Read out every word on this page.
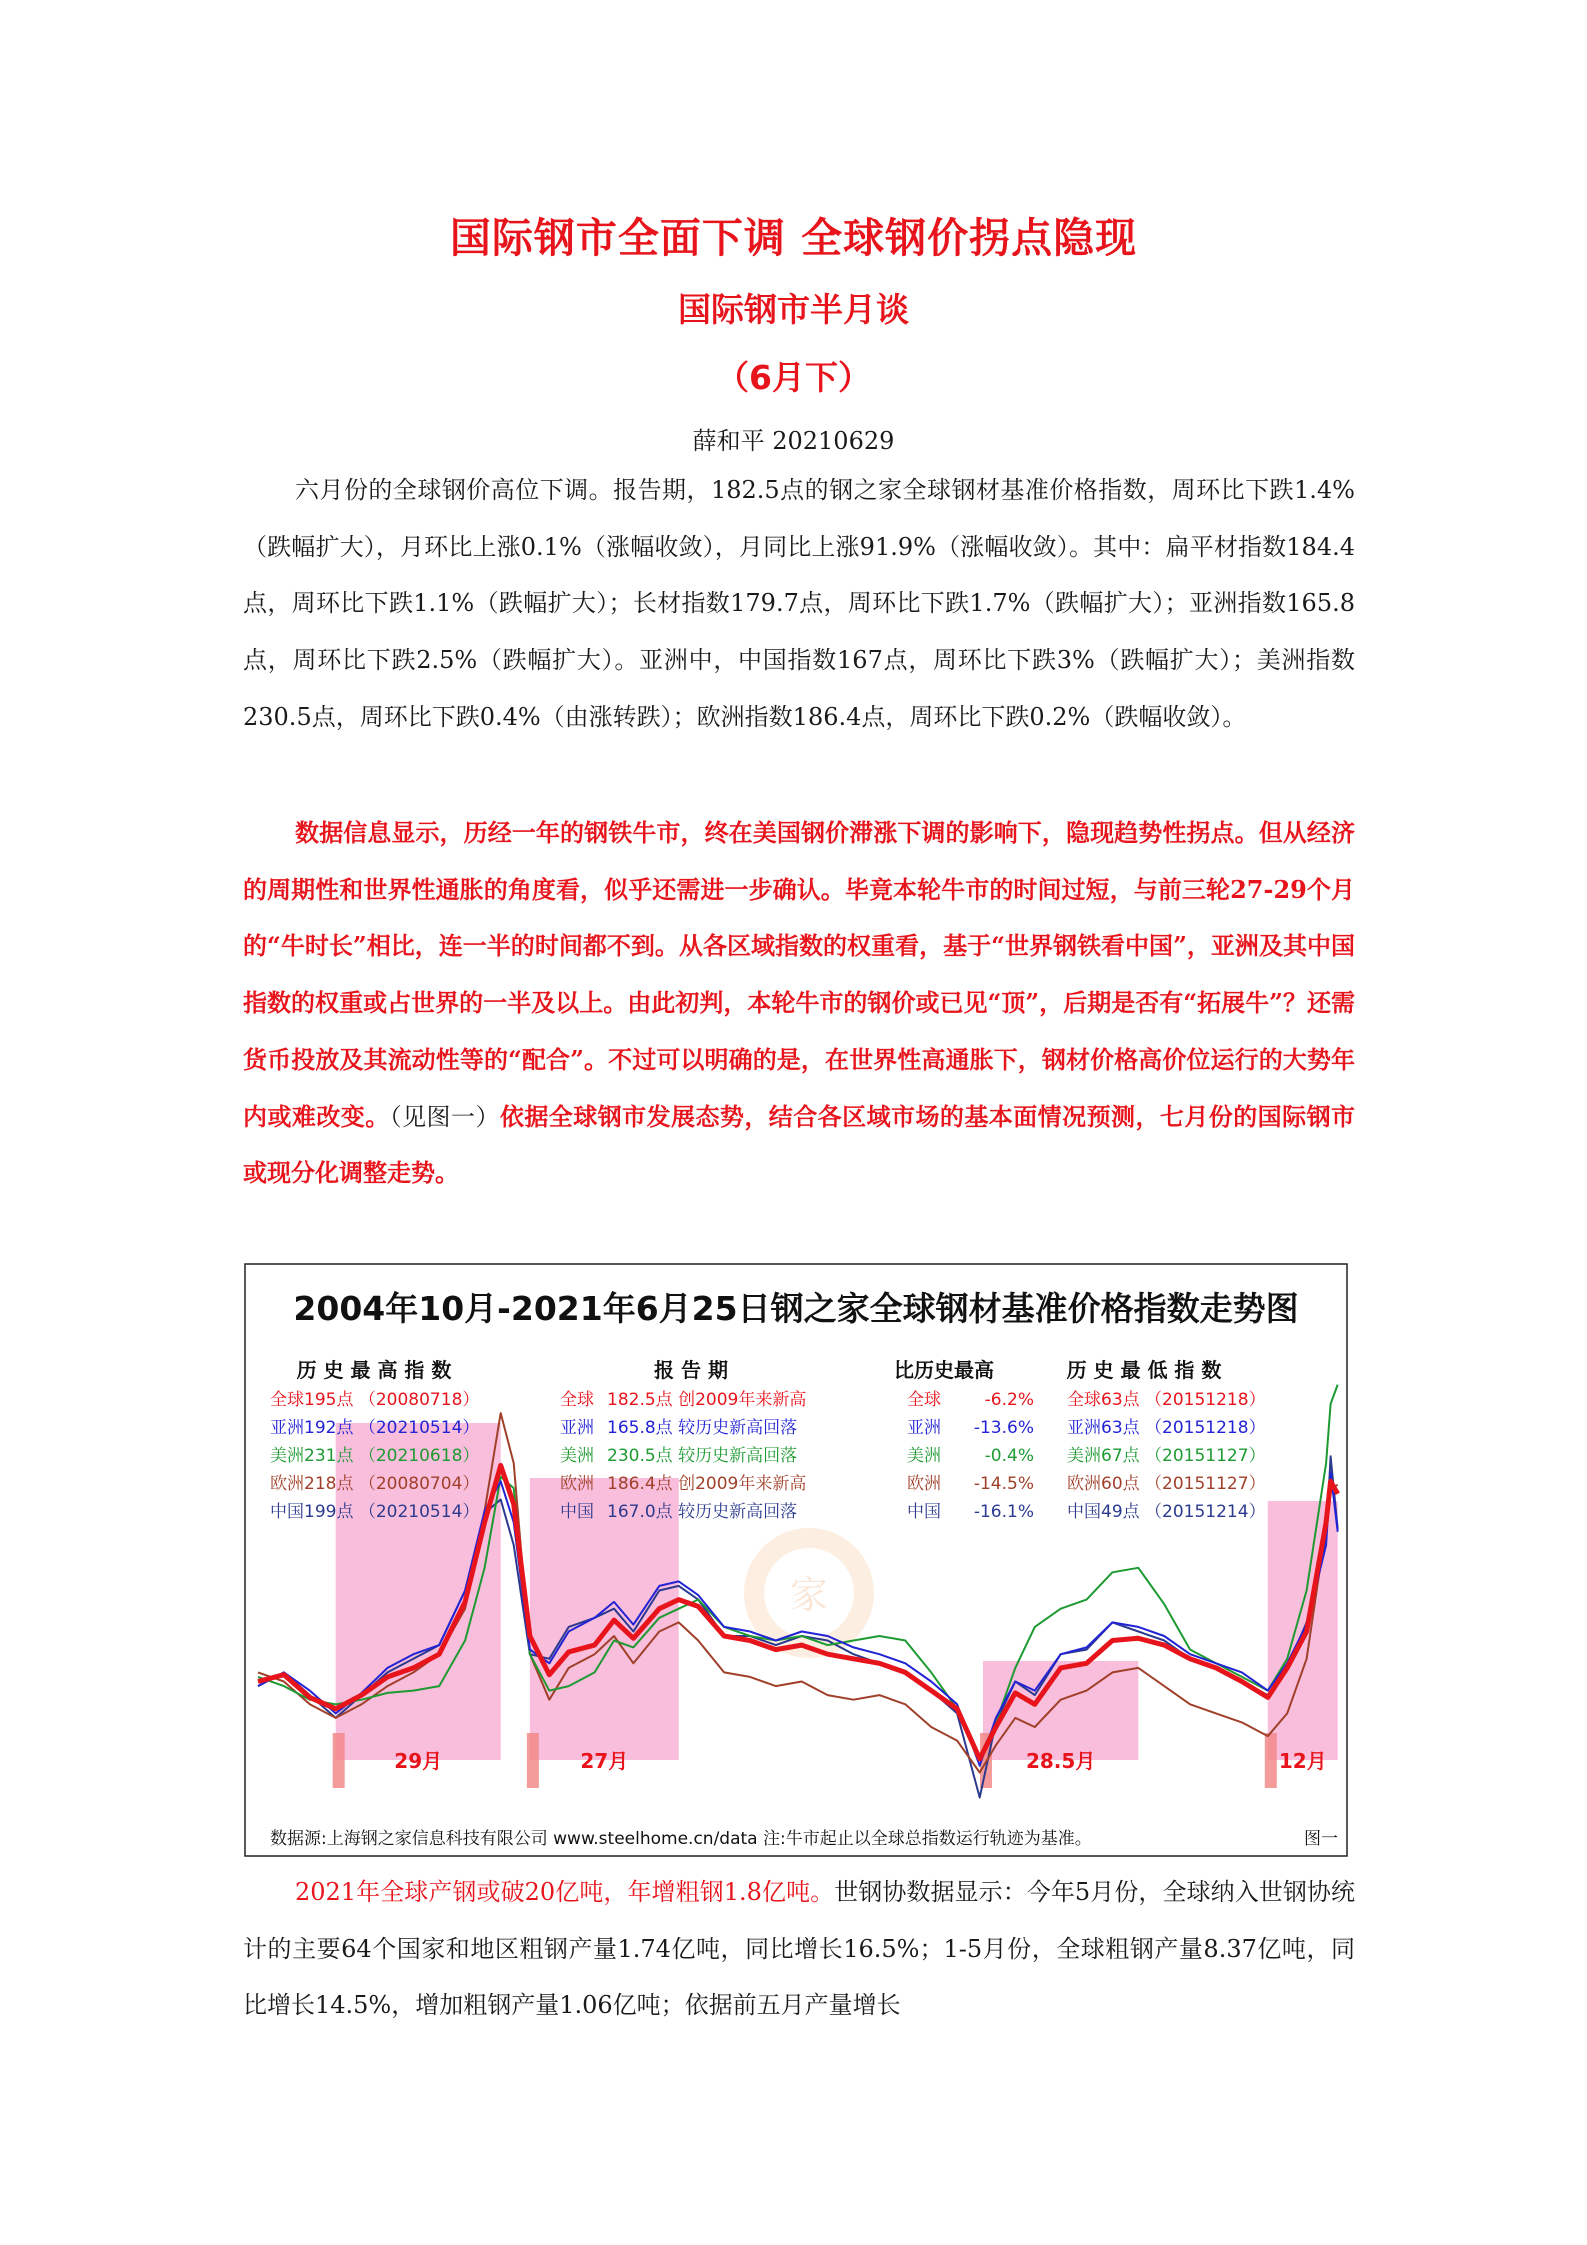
国际钢市全面下调 全球钢价拐点隐现
国际钢市半月谈
（6月下）
薛和平 20210629

六月份的全球钢价高位下调。报告期，182.5点的钢之家全球钢材基准价格指数，周环比下跌1.4%（跌幅扩大），月环比上涨0.1%（涨幅收敛），月同比上涨91.9%（涨幅收敛）。其中：扁平材指数184.4点，周环比下跌1.1%（跌幅扩大）；长材指数179.7点，周环比下跌1.7%（跌幅扩大）；亚洲指数165.8点，周环比下跌2.5%（跌幅扩大）。亚洲中，中国指数167点，周环比下跌3%（跌幅扩大）；美洲指数230.5点，周环比下跌0.4%（由涨转跌）；欧洲指数186.4点，周环比下跌0.2%（跌幅收敛）。

数据信息显示，历经一年的钢铁牛市，终在美国钢价滞涨下调的影响下，隐现趋势性拐点。但从经济的周期性和世界性通胀的角度看，似乎还需进一步确认。毕竟本轮牛市的时间过短，与前三轮27-29个月的“牛时长”相比，连一半的时间都不到。从各区域指数的权重看，基于“世界钢铁看中国”，亚洲及其中国指数的权重或占世界的一半及以上。由此初判，本轮牛市的钢价或已见“顶”，后期是否有“拓展牛”？还需货币投放及其流动性等的“配合”。不过可以明确的是，在世界性高通胀下，钢材价格高价位运行的大势年内或难改变。（见图一）依据全球钢市发展态势，结合各区域市场的基本面情况预测，七月份的国际钢市或现分化调整走势。

29月	27月	28.5月	12月
家
2004年10月-2021年6月25日钢之家全球钢材基准价格指数走势图
历 史 最 高 指 数	报 告 期	比历史最高	历 史 最 低 指 数
全球195点 （20080718）	全球 182.5点 创2009年来新高	全球	-6.2% 全球63点 （20151218）
亚洲192点 （20210514）	亚洲 165.8点 较历史新高回落	亚洲 -13.6% 亚洲63点 （20151218）
美洲231点 （20210618）	美洲 230.5点 较历史新高回落	美洲	-0.4% 美洲67点 （20151127）
欧洲218点 （20080704）	欧洲 186.4点 创2009年来新高	欧洲 -14.5% 欧洲60点 （20151127）
中国199点 （20210514）	中国 167.0点 较历史新高回落	中国 -16.1% 中国49点 （20151214）
数据源:上海钢之家信息科技有限公司 www.steelhome.cn/data 注:牛市起止以全球总指数运行轨迹为基准。	图一

2021年全球产钢或破20亿吨，年增粗钢1.8亿吨。世钢协数据显示：今年5月份，全球纳入世钢协统计的主要64个国家和地区粗钢产量1.74亿吨，同比增长16.5%；1-5月份，全球粗钢产量8.37亿吨，同比增长14.5%，增加粗钢产量1.06亿吨；依据前五月产量增长
